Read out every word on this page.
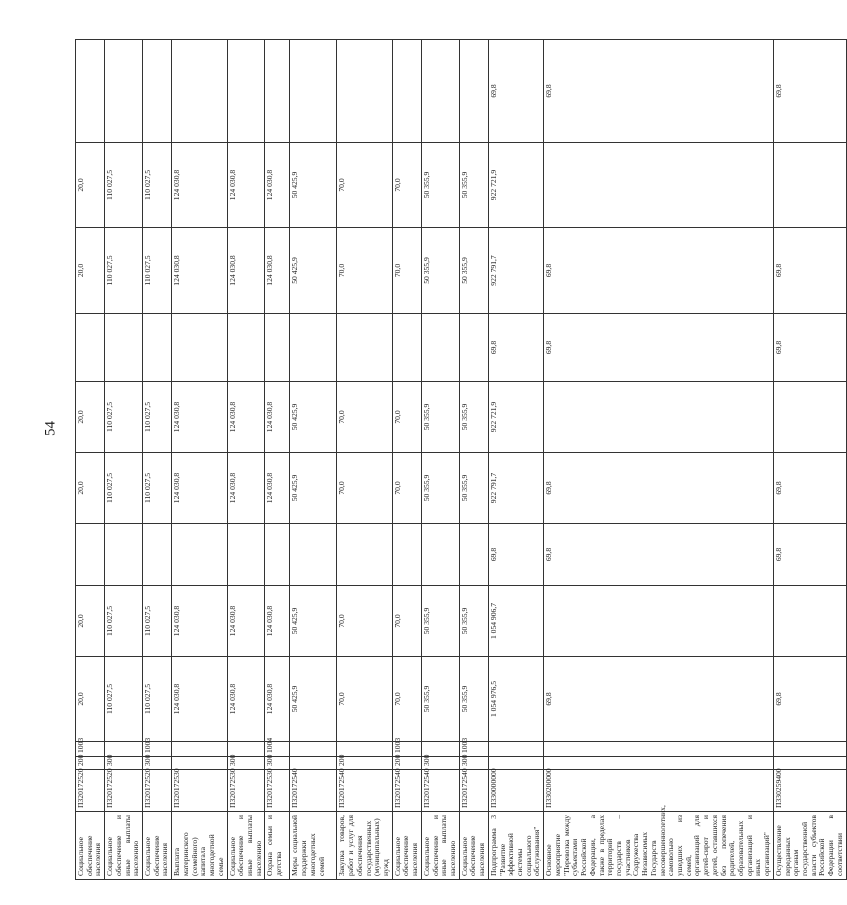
54
Социальное обеспечение населения	П320172520	200	1003	20,0	20,0		20,0	20,0		20,0	20,0	
Социальное обеспечение и иные выплаты населению	П320172520	300		110 027,5	110 027,5		110 027,5	110 027,5		110 027,5	110 027,5	
Социальное обеспечение населения	П320172520	300	1003	110 027,5	110 027,5		110 027,5	110 027,5		110 027,5	110 027,5	
Выплата материнского (семейного) капитала многодетной семье	П320172530			124 030,8	124 030,8		124 030,8	124 030,8		124 030,8	124 030,8	
Социальное обеспечение и иные выплаты населению	П320172530	300		124 030,8	124 030,8		124 030,8	124 030,8		124 030,8	124 030,8	
Охрана семьи и детства	П320172530	300	1004	124 030,8	124 030,8		124 030,8	124 030,8		124 030,8	124 030,8	
Меры социальной поддержки многодетных семей	П320172540			50 425,9	50 425,9		50 425,9	50 425,9		50 425,9	50 425,9	
Закупка товаров, работ и услуг для обеспечения государственных (муниципальных) нужд	П320172540	200		70,0	70,0		70,0	70,0		70,0	70,0	
Социальное обеспечение населения	П320172540	200	1003	70,0	70,0		70,0	70,0		70,0	70,0	
Социальное обеспечение и иные выплаты населению	П320172540	300		50 355,9	50 355,9		50 355,9	50 355,9		50 355,9	50 355,9	
Социальное обеспечение населения	П320172540	300	1003	50 355,9	50 355,9		50 355,9	50 355,9		50 355,9	50 355,9	
Подпрограмма 3 "Развитие эффективной системы социального обслуживания"	П330000000			1 054 976,5	1 054 906,7	69,8	922 791,7	922 721,9	69,8	922 791,7	922 721,9	69,8
Основное мероприятие "Перевозка между субъектами Российской Федерации, а также в пределах территорий государств – участников Содружества Независимых Государств несовершеннолетних, самовольно ушедших из семей, организаций для детей-сирот и детей, оставшихся без попечения родителей, образовательных организаций и иных организаций"	П330200000			69,8		69,8	69,8		69,8	69,8		69,8
Осуществление переданных органам государственной власти субъектов Российской Федерации в соответствии	П330259400			69,8		69,8	69,8		69,8	69,8		69,8
